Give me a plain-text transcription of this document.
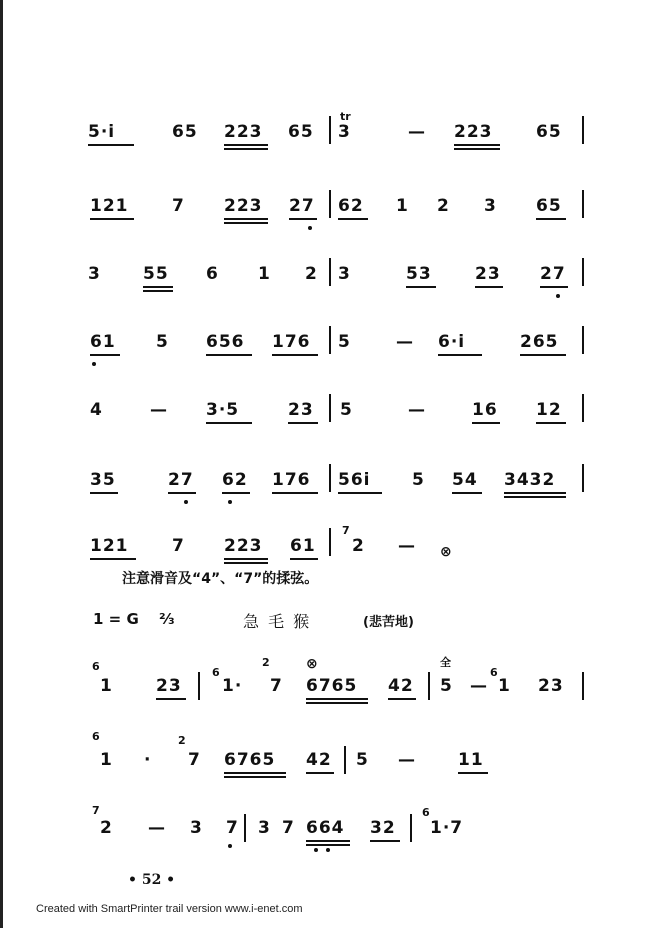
5·i	65 223 65
tr
3	— 223	65
121	7 223 27 62 1 2 3 65
3 55 6 1 2 3	53	23 27
61 5 656 176 5	— 6·i	265
4	— 3·5	23 5	—	16 12
35	27 62 176 56i 5 54 3432
121	7 223 61
7
2 — ⊗
注意滑音及“4”、“7”的揉弦。
1 = G ⅔	急 毛 猴	(悲苦地)
6
1	23
6
1·
2
7
⊗
6765 42
全
5 —
6
1 23
6
1 ·
2
7 6765 42 5 — 11
7
2 — 3 7 3 7 664 32
6
1·7
• 52 •
Created with SmartPrinter trail version www.i-enet.com
